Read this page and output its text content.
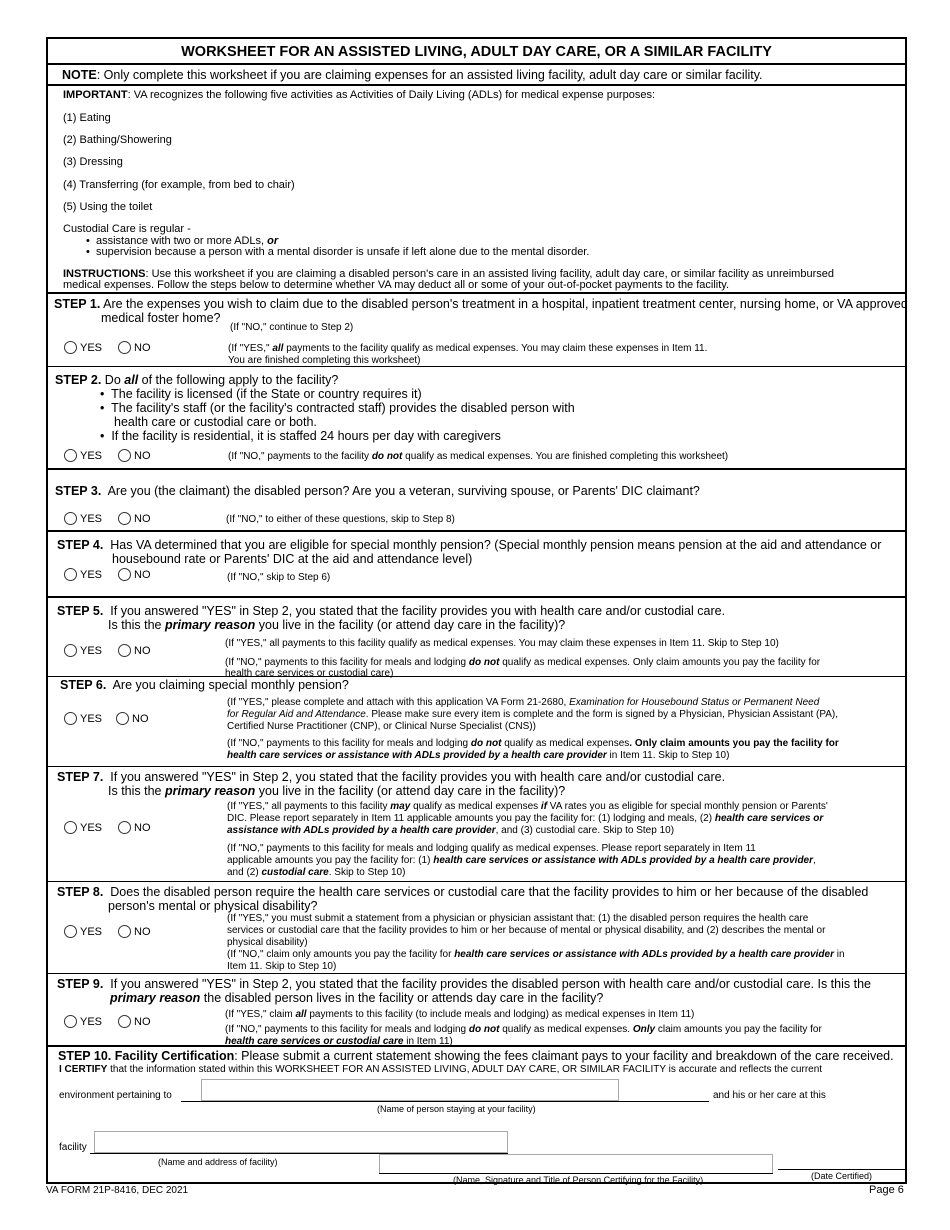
WORKSHEET FOR AN ASSISTED LIVING, ADULT DAY CARE, OR A SIMILAR FACILITY
NOTE: Only complete this worksheet if you are claiming expenses for an assisted living facility, adult day care or similar facility.
IMPORTANT: VA recognizes the following five activities as Activities of Daily Living (ADLs) for medical expense purposes:
(1) Eating
(2) Bathing/Showering
(3) Dressing
(4) Transferring (for example, from bed to chair)
(5) Using the toilet
Custodial Care is regular -
•  assistance with two or more ADLs, or
•  supervision because a person with a mental disorder is unsafe if left alone due to the mental disorder.
INSTRUCTIONS: Use this worksheet if you are claiming a disabled person's care in an assisted living facility, adult day care, or similar facility as unreimbursed
medical expenses. Follow the steps below to determine whether VA may deduct all or some of your out-of-pocket payments to the facility.
STEP 1. Are the expenses you wish to claim due to the disabled person's treatment in a hospital, inpatient treatment center, nursing home, or VA approved
medical foster home?
(If "NO," continue to Step 2)
YES	NO	(If "YES," all payments to the facility qualify as medical expenses. You may claim these expenses in Item 11.
You are finished completing this worksheet)
STEP 2. Do all of the following apply to the facility?
•  The facility is licensed (if the State or country requires it)
•  The facility's staff (or the facility's contracted staff) provides the disabled person with
health care or custodial care or both.
•  If the facility is residential, it is staffed 24 hours per day with caregivers
YES	NO	(If "NO," payments to the facility do not qualify as medical expenses. You are finished completing this worksheet)
STEP 3. Are you (the claimant) the disabled person? Are you a veteran, surviving spouse, or Parents' DIC claimant?
YES	NO	(If "NO," to either of these questions, skip to Step 8)
STEP 4. Has VA determined that you are eligible for special monthly pension? (Special monthly pension means pension at the aid and attendance or
housebound rate or Parents' DIC at the aid and attendance level)
YES	NO	(If "NO," skip to Step 6)
STEP 5. If you answered "YES" in Step 2, you stated that the facility provides you with health care and/or custodial care.
Is this the primary reason you live in the facility (or attend day care in the facility)?
(If "YES," all payments to this facility qualify as medical expenses. You may claim these expenses in Item 11. Skip to Step 10)
YES	NO
(If "NO," payments to this facility for meals and lodging do not qualify as medical expenses. Only claim amounts you pay the facility for
health care services or custodial care)
STEP 6. Are you claiming special monthly pension?
(If "YES," please complete and attach with this application VA Form 21-2680, Examination for Housebound Status or Permanent Need
for Regular Aid and Attendance. Please make sure every item is complete and the form is signed by a Physician, Physician Assistant (PA),
Certified Nurse Practitioner (CNP), or Clinical Nurse Specialist (CNS))
YES	NO
(If "NO," payments to this facility for meals and lodging do not qualify as medical expenses. Only claim amounts you pay the facility for
health care services or assistance with ADLs provided by a health care provider in Item 11. Skip to Step 10)
STEP 7. If you answered "YES" in Step 2, you stated that the facility provides you with health care and/or custodial care.
Is this the primary reason you live in the facility (or attend day care in the facility)?
(If "YES," all payments to this facility may qualify as medical expenses if VA rates you as eligible for special monthly pension or Parents'
DIC. Please report separately in Item 11 applicable amounts you pay the facility for: (1) lodging and meals, (2) health care services or
assistance with ADLs provided by a health care provider, and (3) custodial care. Skip to Step 10)
YES	NO
(If "NO," payments to this facility for meals and lodging qualify as medical expenses. Please report separately in Item 11
applicable amounts you pay the facility for: (1) health care services or assistance with ADLs provided by a health care provider,
and (2) custodial care. Skip to Step 10)
STEP 8. Does the disabled person require the health care services or custodial care that the facility provides to him or her because of the disabled
person's mental or physical disability?
(If "YES," you must submit a statement from a physician or physician assistant that: (1) the disabled person requires the health care
services or custodial care that the facility provides to him or her because of mental or physical disability, and (2) describes the mental or
physical disability)
YES	NO
(If "NO," claim only amounts you pay the facility for health care services or assistance with ADLs provided by a health care provider in
Item 11. Skip to Step 10)
STEP 9. If you answered "YES" in Step 2, you stated that the facility provides the disabled person with health care and/or custodial care. Is this the
primary reason the disabled person lives in the facility or attends day care in the facility?
(If "YES," claim all payments to this facility (to include meals and lodging) as medical expenses in Item 11)
YES	NO
(If "NO," payments to this facility for meals and lodging do not qualify as medical expenses. Only claim amounts you pay the facility for
health care services or custodial care in Item 11)
STEP 10. Facility Certification: Please submit a current statement showing the fees claimant pays to your facility and breakdown of the care received.
I CERTIFY that the information stated within this WORKSHEET FOR AN ASSISTED LIVING, ADULT DAY CARE, OR SIMILAR FACILITY is accurate and reflects the current
environment pertaining to	and his or her care at this
(Name of person staying at your facility)
facility
(Name and address of facility)
(Name, Signature and Title of Person Certifying for the Facility)	(Date Certified)
VA FORM 21P-8416, DEC 2021	Page 6
